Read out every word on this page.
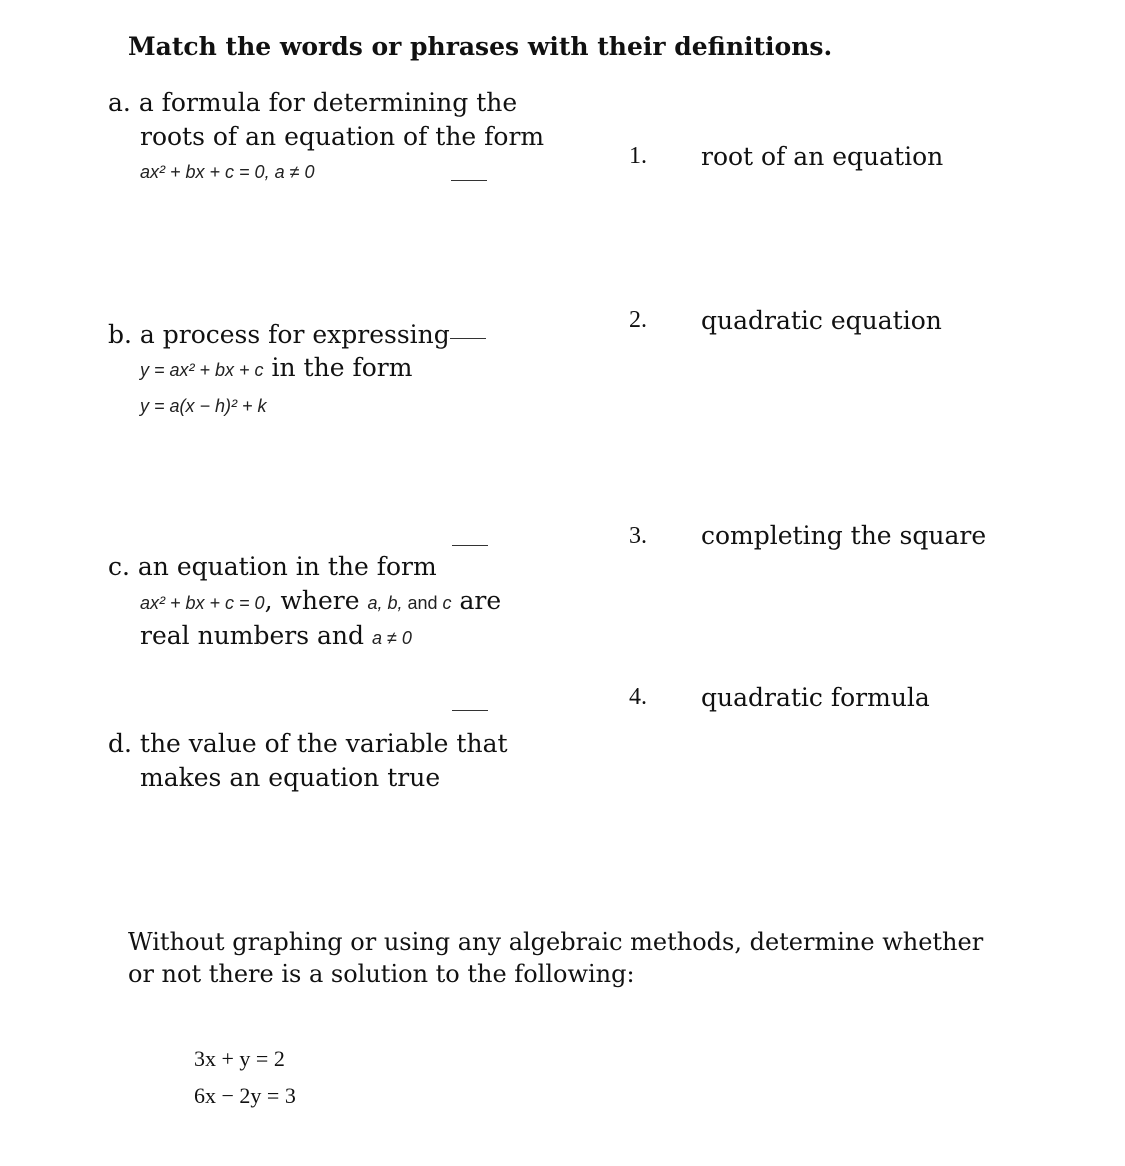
Match the words or phrases with their definitions.
a. a formula for determining the
roots of an equation of the form
ax² + bx + c = 0, a ≠ 0
b. a process for expressing
y = ax² + bx + c in the form
y = a(x − h)² + k
c. an equation in the form
ax² + bx + c = 0, where a, b, and c are
real numbers and a ≠ 0
d. the value of the variable that
makes an equation true
1. root of an equation
2. quadratic equation
3. completing the square
4. quadratic formula
Without graphing or using any algebraic methods, determine whether
or not there is a solution to the following:
3x + y = 2
6x − 2y = 3
